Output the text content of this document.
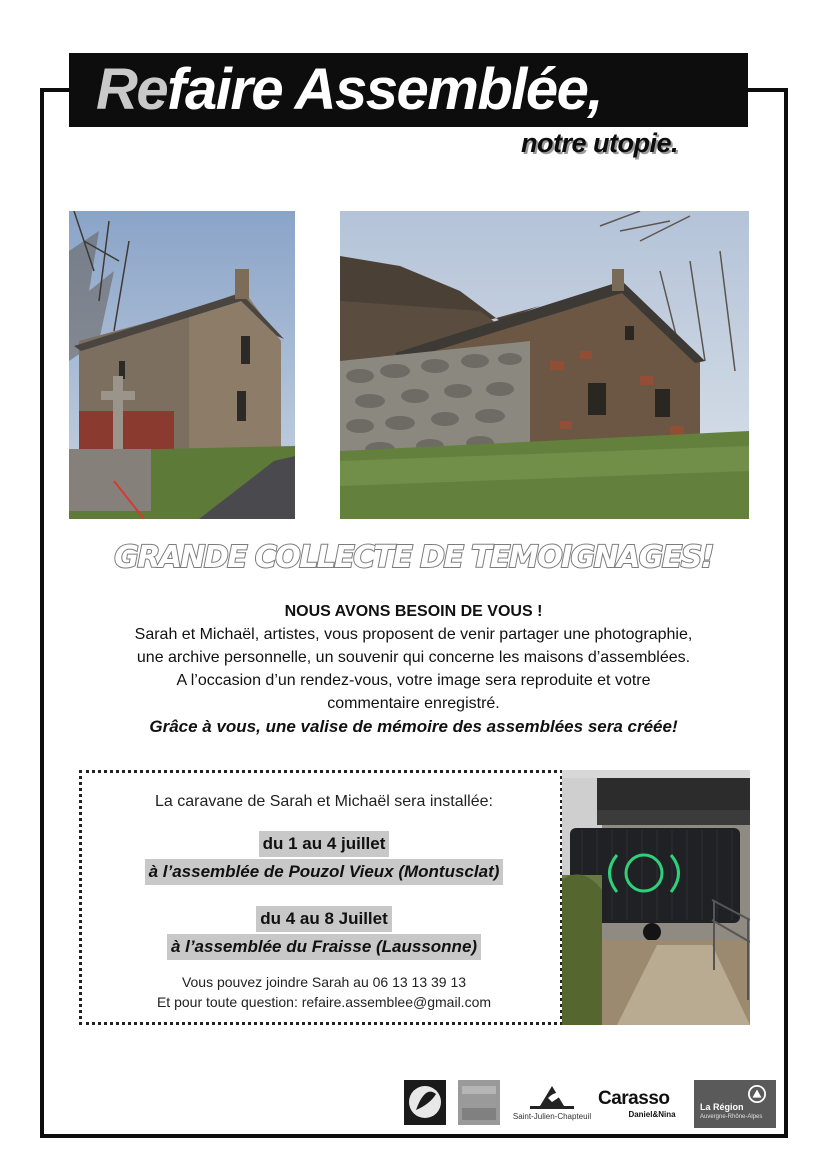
Refaire Assemblée,
notre utopie.
GRANDE COLLECTE DE TEMOIGNAGES!
NOUS AVONS BESOIN DE VOUS !
Sarah et Michaël, artistes, vous proposent de venir partager une photographie,
une archive personnelle, un souvenir qui concerne les maisons d’assemblées.
A l’occasion d’un rendez-vous, votre image sera reproduite et votre
commentaire enregistré.
Grâce à vous, une valise de mémoire des assemblées sera créée!
La caravane de Sarah et Michaël sera installée:
du 1 au 4 juillet
à l’assemblée de Pouzol Vieux (Montusclat)
du 4 au 8 Juillet
à l’assemblée du Fraisse (Laussonne)
Vous pouvez joindre Sarah au 06 13 13 39 13
Et pour toute question: refaire.assemblee@gmail.com
Saint-Julien-Chapteuil
Carasso
Daniel&Nina
La Région
Auvergne-Rhône-Alpes
